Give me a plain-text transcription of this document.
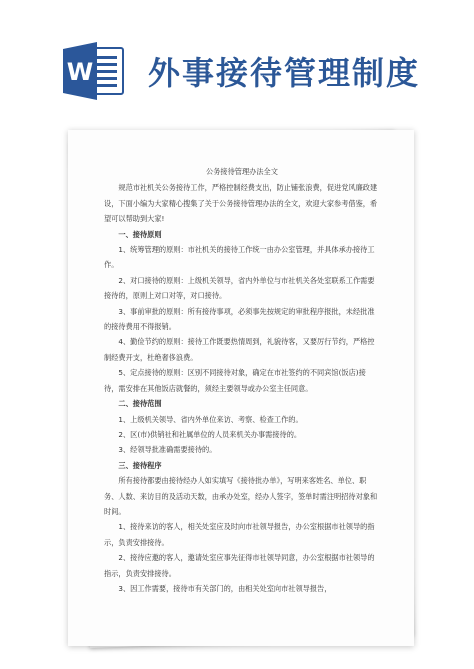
W 外事接待管理制度
公务接待管理办法全文

规范市社机关公务接待工作，严格控制经费支出，防止铺张浪费，促进党风廉政建设，下面小编为大家精心搜集了关于公务接待管理办法的全文，欢迎大家参考借鉴，希望可以帮助到大家!

一、接待原则

1、统筹管理的原则：市社机关的接待工作统一由办公室管理，并具体承办接待工作。

2、对口接待的原则：上级机关领导，省内外单位与市社机关各处室联系工作需要接待的，原则上对口对等，对口接待。

3、事前审批的原则：所有接待事项，必须事先按规定的审批程序报批，未经批准的接待费用不得报销。

4、勤俭节约的原则：接待工作既要热情周到，礼貌待客，又要厉行节约，严格控制经费开支，杜绝奢侈浪费。

5、定点接待的原则：区别不同接待对象，确定在市社签约的不同宾馆(饭店)接待，需安排在其他饭店就餐的，须经主要领导或办公室主任同意。

二、接待范围

1、上级机关领导、省内外单位来访、考察、检查工作的。

2、区(市)供销社和社属单位的人员来机关办事需接待的。

3、经领导批准确需要接待的。

三、接待程序

所有接待都要由接待经办人如实填写《接待批办单》，写明来客姓名、单位、职务、人数、来访目的及活动天数，由承办处室，经办人签字，签单时需注明招待对象和时间。

1、接待来访的客人，相关处室应及时向市社领导报告，办公室根据市社领导的指示，负责安排接待。

2、接待应邀的客人，邀请处室应事先征得市社领导同意，办公室根据市社领导的指示，负责安排接待。

3、因工作需要，接待市有关部门的，由相关处室向市社领导报告，
